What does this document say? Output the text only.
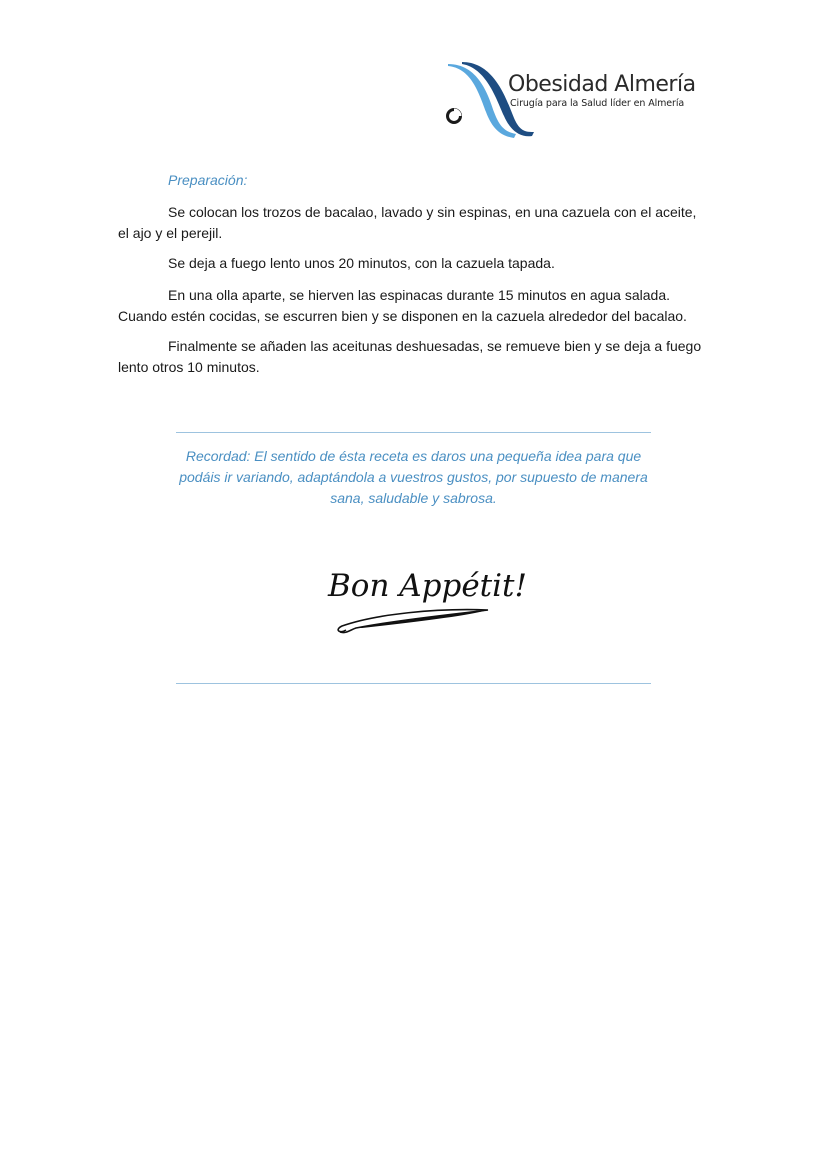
Obesidad Almería
Cirugía para la Salud líder en Almería
Preparación:

Se colocan los trozos de bacalao, lavado y sin espinas, en una cazuela con el aceite, el ajo y el perejil.

Se deja a fuego lento unos 20 minutos, con la cazuela tapada.

En una olla aparte, se hierven las espinacas durante 15 minutos en agua salada. Cuando estén cocidas, se escurren bien y se disponen en la cazuela alrededor del bacalao.

Finalmente se añaden las aceitunas deshuesadas, se remueve bien y se deja a fuego lento otros 10 minutos.

Recordad: El sentido de ésta receta es daros una pequeña idea para que podáis ir variando, adaptándola a vuestros gustos, por supuesto de manera sana, saludable y sabrosa.
Bon Appétit!
